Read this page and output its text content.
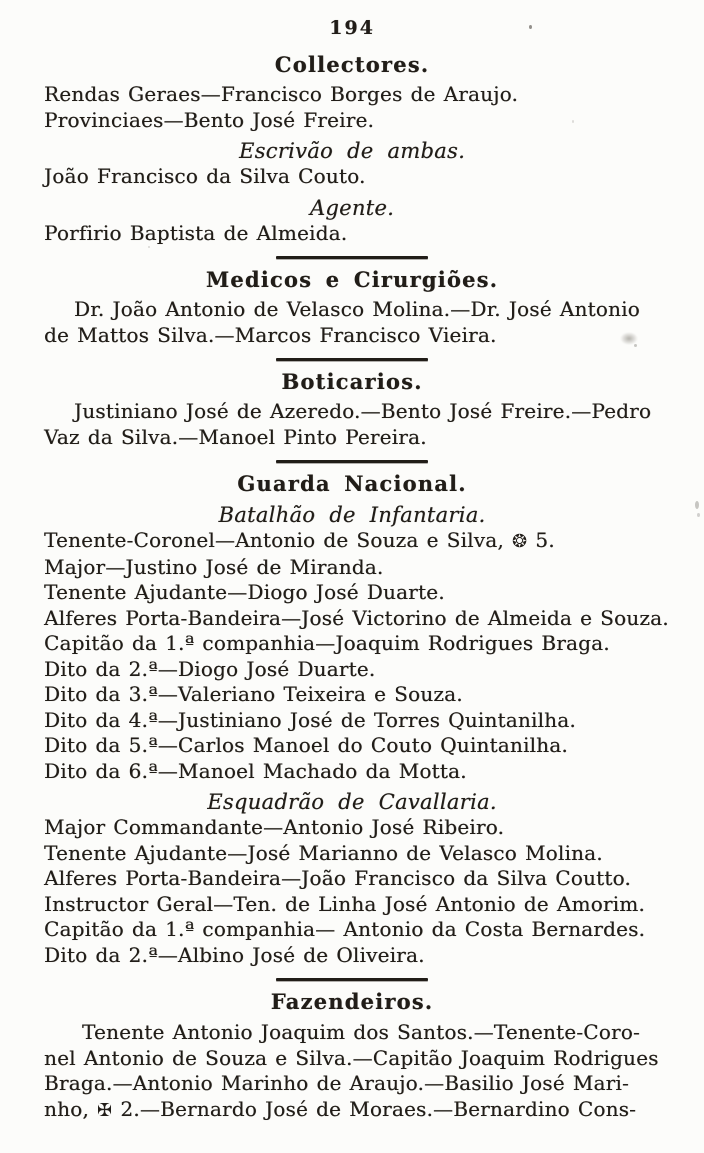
194
Collectores.
Rendas Geraes—Francisco Borges de Araujo.
Provinciaes—Bento José Freire.
Escrivão de ambas.
João Francisco da Silva Couto.
Agente.
Porfirio Baptista de Almeida.
Medicos e Cirurgiões.
Dr. João Antonio de Velasco Molina.—Dr. José Antonio
de Mattos Silva.—Marcos Francisco Vieira.
Boticarios.
Justiniano José de Azeredo.—Bento José Freire.—Pedro
Vaz da Silva.—Manoel Pinto Pereira.
Guarda Nacional.
Batalhão de Infantaria.
Tenente-Coronel—Antonio de Souza e Silva, ❂ 5.
Major—Justino José de Miranda.
Tenente Ajudante—Diogo José Duarte.
Alferes Porta-Bandeira—José Victorino de Almeida e Souza.
Capitão da 1.ª companhia—Joaquim Rodrigues Braga.
Dito da 2.ª—Diogo José Duarte.
Dito da 3.ª—Valeriano Teixeira e Souza.
Dito da 4.ª—Justiniano José de Torres Quintanilha.
Dito da 5.ª—Carlos Manoel do Couto Quintanilha.
Dito da 6.ª—Manoel Machado da Motta.
Esquadrão de Cavallaria.
Major Commandante—Antonio José Ribeiro.
Tenente Ajudante—José Marianno de Velasco Molina.
Alferes Porta-Bandeira—João Francisco da Silva Coutto.
Instructor Geral—Ten. de Linha José Antonio de Amorim.
Capitão da 1.ª companhia— Antonio da Costa Bernardes.
Dito da 2.ª—Albino José de Oliveira.
Fazendeiros.
Tenente Antonio Joaquim dos Santos.—Tenente-Coro-
nel Antonio de Souza e Silva.—Capitão Joaquim Rodrigues
Braga.—Antonio Marinho de Araujo.—Basilio José Mari-
nho, ✠ 2.—Bernardo José de Moraes.—Bernardino Cons-
